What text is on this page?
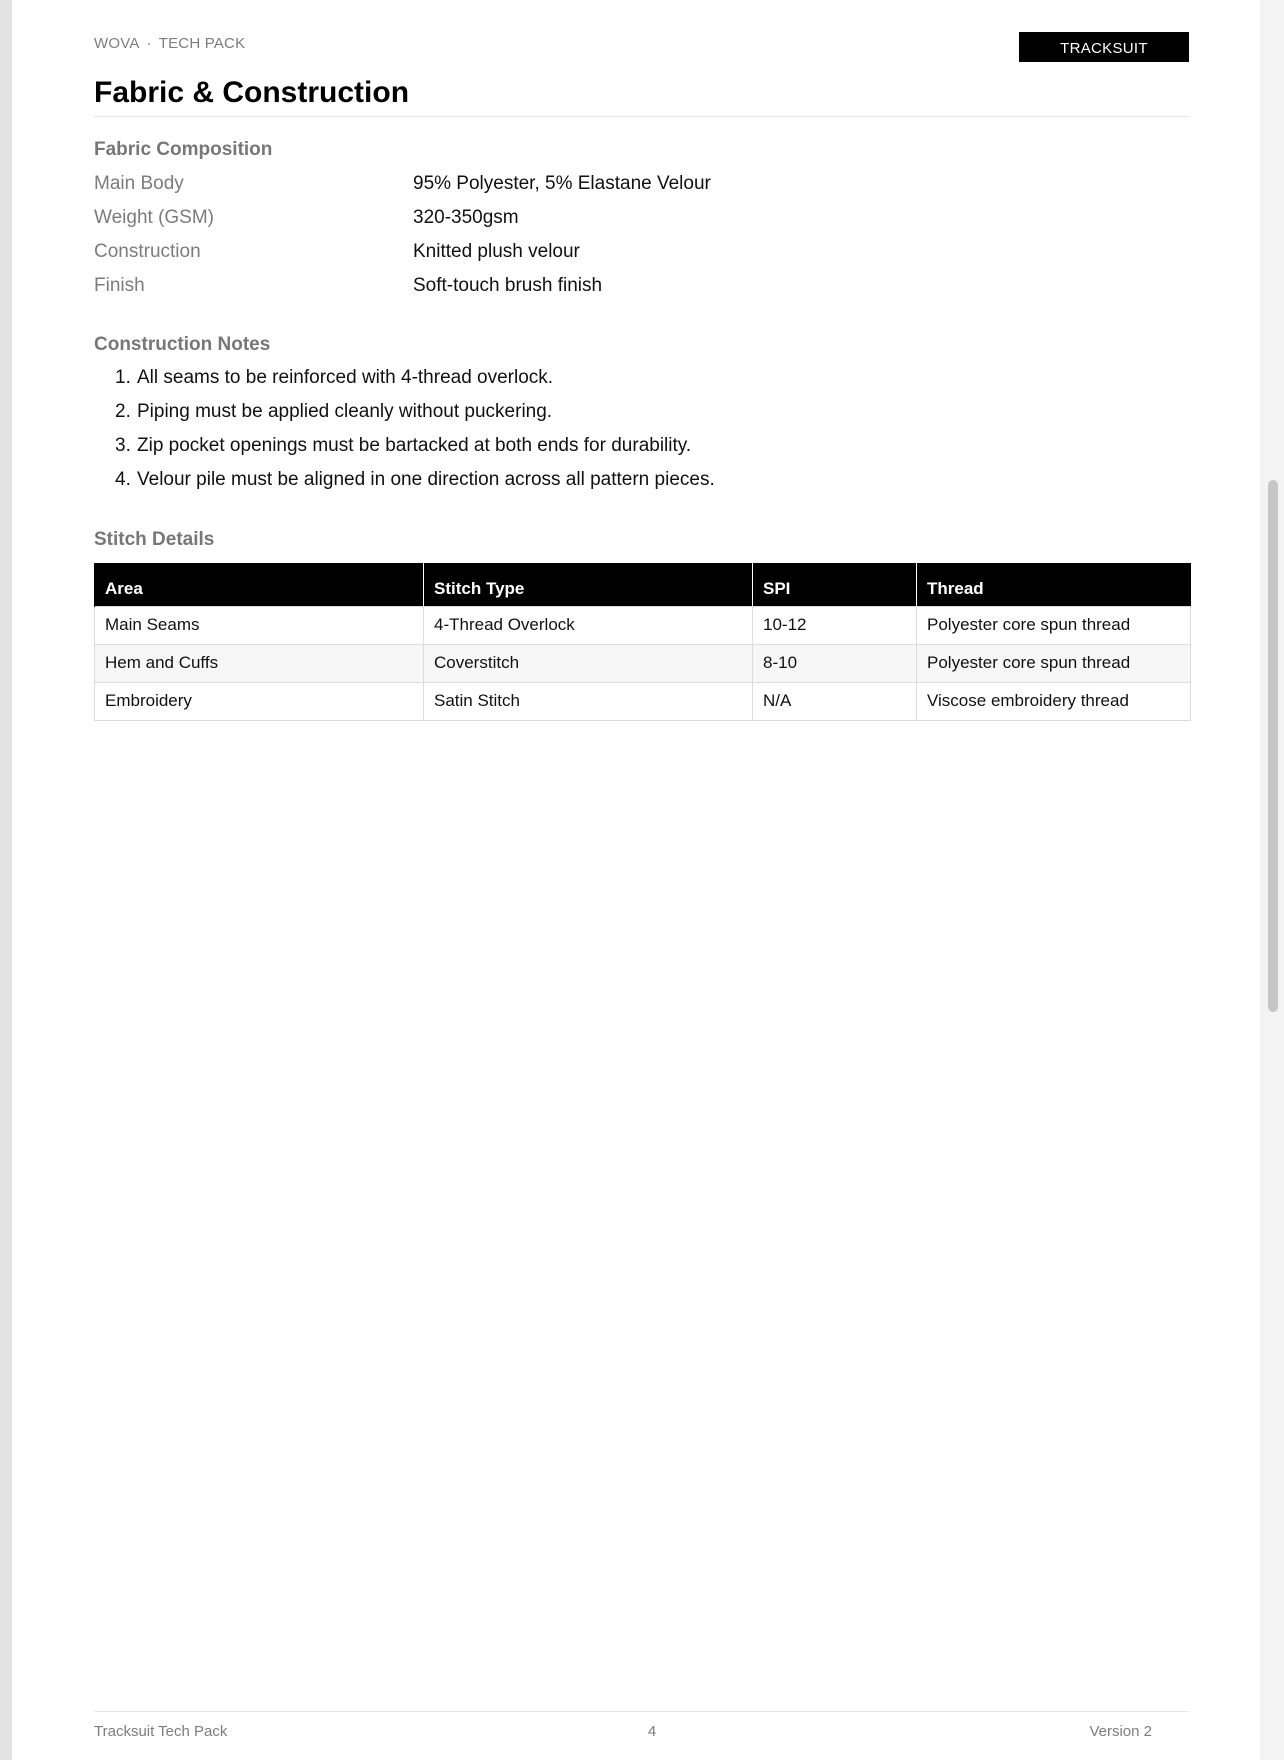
WOVA · TECH PACK	TRACKSUIT
Fabric & Construction
Fabric Composition
Main Body	95% Polyester, 5% Elastane Velour
Weight (GSM)	320-350gsm
Construction	Knitted plush velour
Finish	Soft-touch brush finish
Construction Notes
1. All seams to be reinforced with 4-thread overlock.
2. Piping must be applied cleanly without puckering.
3. Zip pocket openings must be bartacked at both ends for durability.
4. Velour pile must be aligned in one direction across all pattern pieces.
Stitch Details
Area	Stitch Type	SPI	Thread
Main Seams	4-Thread Overlock	10-12	Polyester core spun thread
Hem and Cuffs	Coverstitch	8-10	Polyester core spun thread
Embroidery	Satin Stitch	N/A	Viscose embroidery thread
Tracksuit Tech Pack	4	Version 2
